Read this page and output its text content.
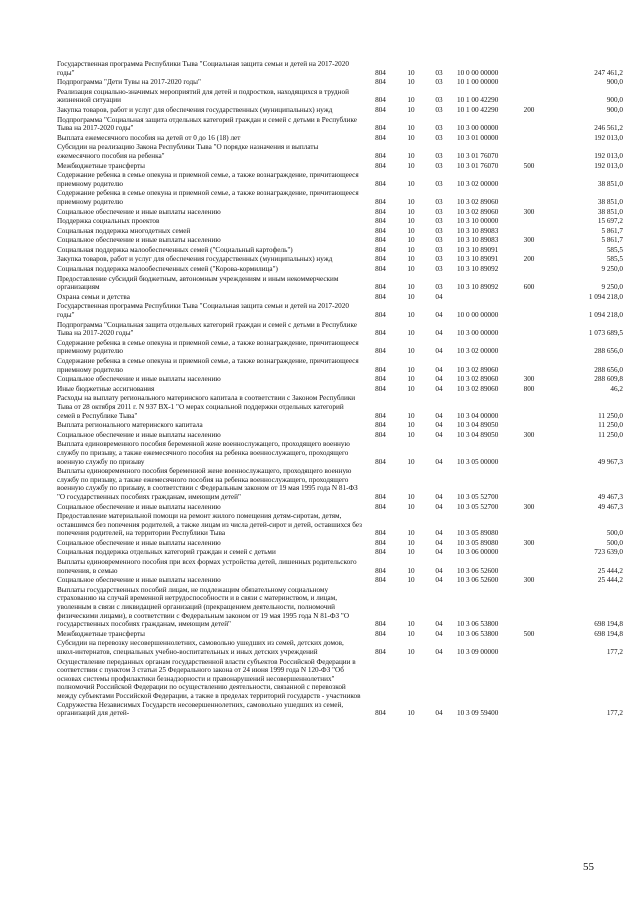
Государственная программа Республики Тыва "Социальная защита семьи и детей на 2017-2020 годы"	804	10	03	10 0 00 00000		247 461,2
Подпрограмма "Дети Тувы на 2017-2020 годы"	804	10	03	10 1 00 00000		900,0
Реализация социально-значимых мероприятий для детей и подростков, находящихся в трудной жизненной ситуации	804	10	03	10 1 00 42290		900,0
Закупка товаров, работ и услуг для обеспечения государственных (муниципальных) нужд	804	10	03	10 1 00 42290	200	900,0
Подпрограмма "Социальная защита отдельных категорий граждан и семей с детьми в Республике Тыва на 2017-2020 годы"	804	10	03	10 3 00 00000		246 561,2
Выплата ежемесячного пособия на детей от 0 до 16 (18) лет	804	10	03	10 3 01 00000		192 013,0
Субсидии на реализацию Закона Республики Тыва "О порядке назначения и выплаты ежемесячного пособия на ребенка"	804	10	03	10 3 01 76070		192 013,0
Межбюджетные трансферты	804	10	03	10 3 01 76070	500	192 013,0
Содержание ребенка в семье опекуна и приемной семье, а также вознаграждение, причитающееся приемному родителю	804	10	03	10 3 02 00000		38 851,0
Содержание ребенка в семье опекуна и приемной семье, а также вознаграждение, причитающееся приемному родителю	804	10	03	10 3 02 89060		38 851,0
Социальное обеспечение и иные выплаты населению	804	10	03	10 3 02 89060	300	38 851,0
Поддержка социальных проектов	804	10	03	10 3 10 00000		15 697,2
Социальная поддержка многодетных семей	804	10	03	10 3 10 89083		5 861,7
Социальное обеспечение и иные выплаты населению	804	10	03	10 3 10 89083	300	5 861,7
Социальная поддержка малообеспеченных семей ("Социальный картофель")	804	10	03	10 3 10 89091		585,5
Закупка товаров, работ и услуг для обеспечения государственных (муниципальных) нужд	804	10	03	10 3 10 89091	200	585,5
Социальная поддержка малообеспеченных семей ("Корова-кормилица")	804	10	03	10 3 10 89092		9 250,0
Предоставление субсидий бюджетным, автономным учреждениям и иным некоммерческим организациям	804	10	03	10 3 10 89092	600	9 250,0
Охрана семьи и детства	804	10	04			1 094 218,0
Государственная программа Республики Тыва "Социальная защита семьи и детей на 2017-2020 годы"	804	10	04	10 0 00 00000		1 094 218,0
Подпрограмма "Социальная защита отдельных категорий граждан и семей с детьми в Республике Тыва на 2017-2020 годы"	804	10	04	10 3 00 00000		1 073 689,5
Содержание ребенка в семье опекуна и приемной семье, а также вознаграждение, причитающееся приемному родителю	804	10	04	10 3 02 00000		288 656,0
Содержание ребенка в семье опекуна и приемной семье, а также вознаграждение, причитающееся приемному родителю	804	10	04	10 3 02 89060		288 656,0
Социальное обеспечение и иные выплаты населению	804	10	04	10 3 02 89060	300	288 609,8
Иные бюджетные ассигнования	804	10	04	10 3 02 89060	800	46,2
Расходы на выплату регионального материнского капитала в соответствии с Законом Республики Тыва от 28 октября 2011 г. N 937 ВХ-1 "О мерах социальной поддержки отдельных категорий семей в Республике Тыва"	804	10	04	10 3 04 00000		11 250,0
Выплата регионального материнского капитала	804	10	04	10 3 04 89050		11 250,0
Социальное обеспечение и иные выплаты населению	804	10	04	10 3 04 89050	300	11 250,0
Выплата единовременного пособия беременной жене военнослужащего, проходящего военную службу по призыву, а также ежемесячного пособия на ребенка военнослужащего, проходящего военную службу по призыву	804	10	04	10 3 05 00000		49 967,3
Выплаты единовременного пособия беременной жене военнослужащего, проходящего военную службу по призыву, а также ежемесячного пособия на ребенка военнослужащего, проходящего военную службу по призыву, в соответствии с Федеральным законом от 19 мая 1995 года N 81-ФЗ "О государственных пособиях гражданам, имеющим детей"	804	10	04	10 3 05 52700		49 467,3
Социальное обеспечение и иные выплаты населению	804	10	04	10 3 05 52700	300	49 467,3
Предоставление материальной помощи на ремонт жилого помещения детям-сиротам, детям, оставшимся без попечения родителей, а также лицам из числа детей-сирот и детей, оставшихся без попечения родителей, на территории Республики Тыва	804	10	04	10 3 05 89080		500,0
Социальное обеспечение и иные выплаты населению	804	10	04	10 3 05 89080	300	500,0
Социальная поддержка отдельных категорий граждан и семей с детьми	804	10	04	10 3 06 00000		723 639,0
Выплаты единовременного пособия при всех формах устройства детей, лишенных родительского попечения, в семью	804	10	04	10 3 06 52600		25 444,2
Социальное обеспечение и иные выплаты населению	804	10	04	10 3 06 52600	300	25 444,2
Выплаты государственных пособий лицам, не подлежащим обязательному социальному страхованию на случай временной нетрудоспособности и в связи с материнством, и лицам, уволенным в связи с ликвидацией организаций (прекращением деятельности, полномочий физическими лицами), в соответствии с Федеральным законом от 19 мая 1995 года N 81-ФЗ "О государственных пособиях гражданам, имеющим детей"	804	10	04	10 3 06 53800		698 194,8
Межбюджетные трансферты	804	10	04	10 3 06 53800	500	698 194,8
Субсидии на перевозку несовершеннолетних, самовольно ушедших из семей, детских домов, школ-интернатов, специальных учебно-воспитательных и иных детских учреждений	804	10	04	10 3 09 00000		177,2
Осуществление переданных органам государственной власти субъектов Российской Федерации в соответствии с пунктом 3 статьи 25 Федерального закона от 24 июня 1999 года N 120-ФЗ "Об основах системы профилактики безнадзорности и правонарушений несовершеннолетних" полномочий Российской Федерации по осуществлению деятельности, связанной с перевозкой между субъектами Российской Федерации, а также в пределах территорий государств - участников Содружества Независимых Государств несовершеннолетних, самовольно ушедших из семей, организаций для детей-	804	10	04	10 3 09 59400		177,2
55
